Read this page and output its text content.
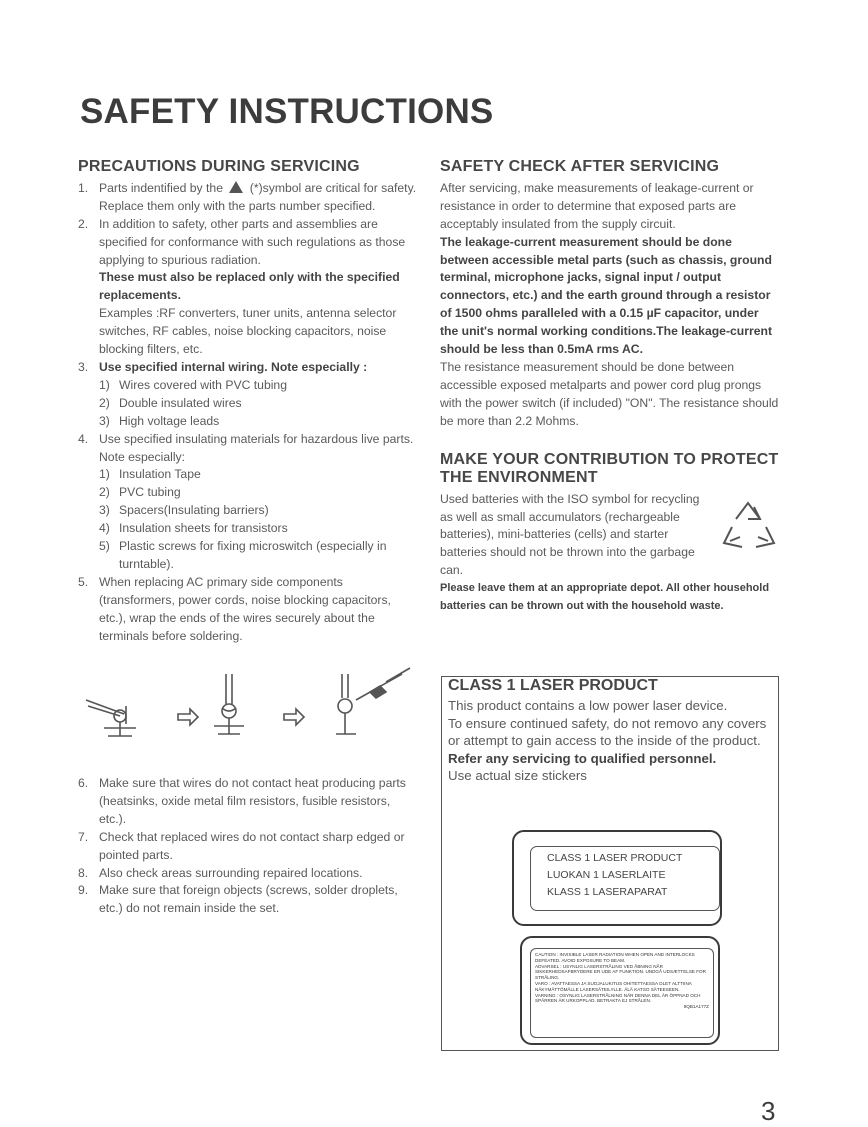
SAFETY INSTRUCTIONS
PRECAUTIONS DURING SERVICING
1. Parts indentified by the (*)symbol are critical for safety. Replace them only with the parts number specified.
2. In addition to safety, other parts and assemblies are specified for conformance with such regulations as those applying to spurious radiation.
These must also be replaced only with the specified replacements.
Examples :RF converters, tuner units, antenna selector switches, RF cables, noise blocking capacitors, noise blocking filters, etc.
3. Use specified internal wiring. Note especially :
1) Wires covered with PVC tubing
2) Double insulated wires
3) High voltage leads
4. Use specified insulating materials for hazardous live parts. Note especially:
1) Insulation Tape
2) PVC tubing
3) Spacers(Insulating barriers)
4) Insulation sheets for transistors
5) Plastic screws for fixing microswitch (especially in turntable).
5. When replacing AC primary side components (transformers, power cords, noise blocking capacitors, etc.), wrap the ends of the wires securely about the terminals before soldering.
6. Make sure that wires do not contact heat producing parts (heatsinks, oxide metal film resistors, fusible resistors, etc.).
7. Check that replaced wires do not contact sharp edged or pointed parts.
8. Also check areas surrounding repaired locations.
9. Make sure that foreign objects (screws, solder droplets, etc.) do not remain inside the set.
SAFETY CHECK AFTER SERVICING
After servicing, make measurements of leakage-current or resistance in order to determine that exposed parts are acceptably insulated from the supply circuit.
The leakage-current measurement should be done between accessible metal parts (such as chassis, ground terminal, microphone jacks, signal input / output connectors, etc.) and the earth ground through a resistor of 1500 ohms paralleled with a 0.15 µF capacitor, under the unit's normal working conditions.The leakage-current should be less than 0.5mA rms AC.
The resistance measurement should be done between accessible exposed metalparts and power cord plug prongs with the power switch (if included) "ON". The resistance should be more than 2.2 Mohms.
MAKE YOUR CONTRIBUTION TO PROTECT THE ENVIRONMENT
Used batteries with the ISO symbol for recycling as well as small accumulators (rechargeable batteries), mini-batteries (cells) and starter batteries should not be thrown into the garbage can.
Please leave them at an appropriate depot. All other household batteries can be thrown out with the household waste.
CLASS 1 LASER PRODUCT
This product contains a low power laser device.
To ensure continued safety, do not removo any covers or attempt to gain access to the inside of the product.
Refer any servicing to qualified personnel.
Use actual size stickers
CLASS 1 LASER PRODUCT
LUOKAN 1 LASERLAITE
KLASS 1 LASERAPARAT
CAUTION : INVISIBLE LASER RADIATION WHEN OPEN AND INTERLOCKS DEFEATED. AVOID EXPOSURE TO BEAM.
ADVARSEL : USYNLIG LASERSTRÅLING VED ÅBNING NÅR SIKKERHEDSAFBRYDERE ER UDE AF FUNKTION. UNDGÅ UDSÆTTELSE FOR STRÅLING.
VARO : AVATTAESSA JA SUOJALUKITUS OHITETTAESSA OLET ALTTIINA NÄKYMÄTTÖMÄLLE LASERSÄTEILYLLE. ÄLÄ KATSO SÄTEESEEN.
VARNING : OSYNLIG LASERSTRÅLNING NÄR DENNA DEL ÄR ÖPPNAD OCH SPÄRREN ÄR URKOPPLAD. BETRAKTA EJ STRÅLEN.
9QB1A177Z
3
